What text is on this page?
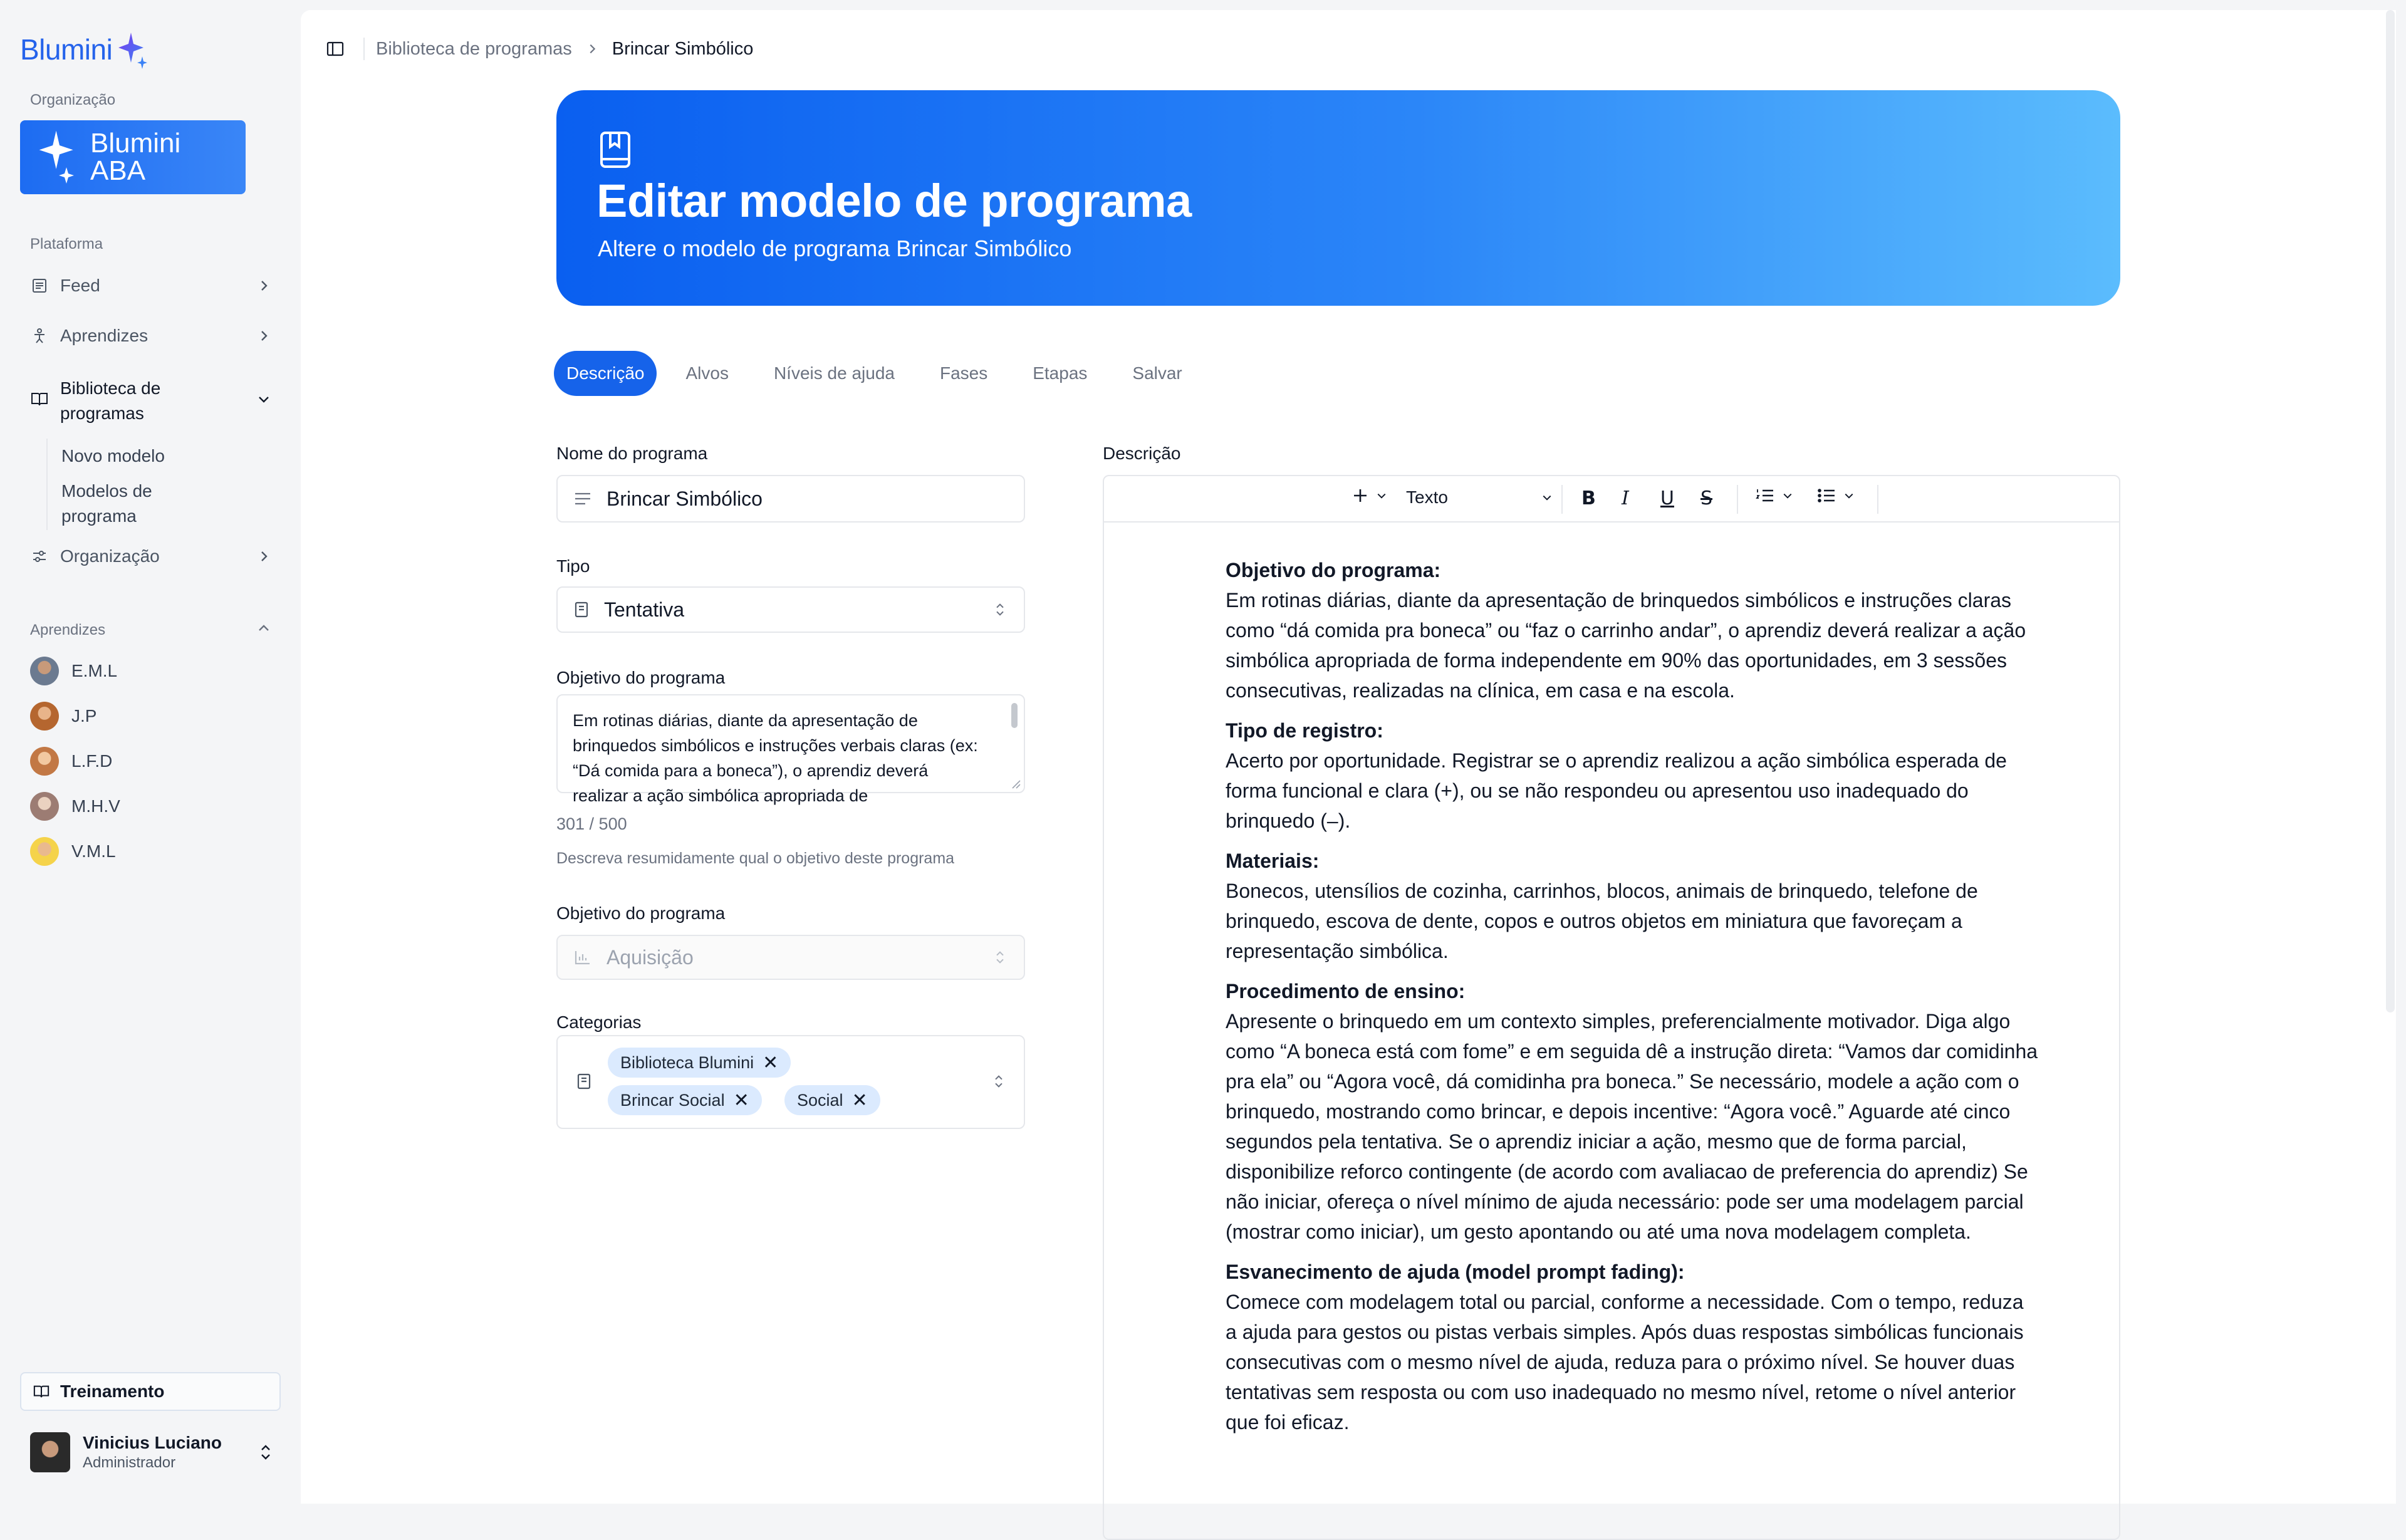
Blumini
Organização
Blumini
ABA
Plataforma
Feed
Aprendizes
Biblioteca de
programas
Novo modelo
Modelos de
programa
Organização
Aprendizes
E.M.L
J.P
L.F.D
M.H.V
V.M.L
Treinamento
Vinicius Luciano
Administrador
Biblioteca de programas Brincar Simbólico
Editar modelo de programa

Altere o modelo de programa Brincar Simbólico

Descrição	Alvos	Níveis de ajuda	Fases	Etapas	Salvar
Nome do programa
Brincar Simbólico
Tipo
Tentativa
Objetivo do programa
Em rotinas diárias, diante da apresentação de brinquedos simbólicos e instruções verbais claras (ex: “Dá comida para a boneca”), o aprendiz deverá realizar a ação simbólica apropriada de
301 / 500
Descreva resumidamente qual o objetivo deste programa
Objetivo do programa
Aquisição
Categorias
Biblioteca Blumini ✕
Brincar Social ✕	Social ✕
Descrição
Texto	B I U S
Objetivo do programa:

Em rotinas diárias, diante da apresentação de brinquedos simbólicos e instruções claras como “dá comida pra boneca” ou “faz o carrinho andar”, o aprendiz deverá realizar a ação simbólica apropriada de forma independente em 90% das oportunidades, em 3 sessões consecutivas, realizadas na clínica, em casa e na escola.

Tipo de registro:

Acerto por oportunidade. Registrar se o aprendiz realizou a ação simbólica esperada de forma funcional e clara (+), ou se não respondeu ou apresentou uso inadequado do brinquedo (–).

Materiais:

Bonecos, utensílios de cozinha, carrinhos, blocos, animais de brinquedo, telefone de brinquedo, escova de dente, copos e outros objetos em miniatura que favoreçam a representação simbólica.

Procedimento de ensino:

Apresente o brinquedo em um contexto simples, preferencialmente motivador. Diga algo como “A boneca está com fome” e em seguida dê a instrução direta: “Vamos dar comidinha pra ela” ou “Agora você, dá comidinha pra boneca.” Se necessário, modele a ação com o brinquedo, mostrando como brincar, e depois incentive: “Agora você.” Aguarde até cinco segundos pela tentativa. Se o aprendiz iniciar a ação, mesmo que de forma parcial, disponibilize reforco contingente (de acordo com avaliacao de preferencia do aprendiz) Se não iniciar, ofereça o nível mínimo de ajuda necessário: pode ser uma modelagem parcial (mostrar como iniciar), um gesto apontando ou até uma nova modelagem completa.

Esvanecimento de ajuda (model prompt fading):

Comece com modelagem total ou parcial, conforme a necessidade. Com o tempo, reduza a ajuda para gestos ou pistas verbais simples. Após duas respostas simbólicas funcionais consecutivas com o mesmo nível de ajuda, reduza para o próximo nível. Se houver duas tentativas sem resposta ou com uso inadequado no mesmo nível, retome o nível anterior que foi eficaz.
